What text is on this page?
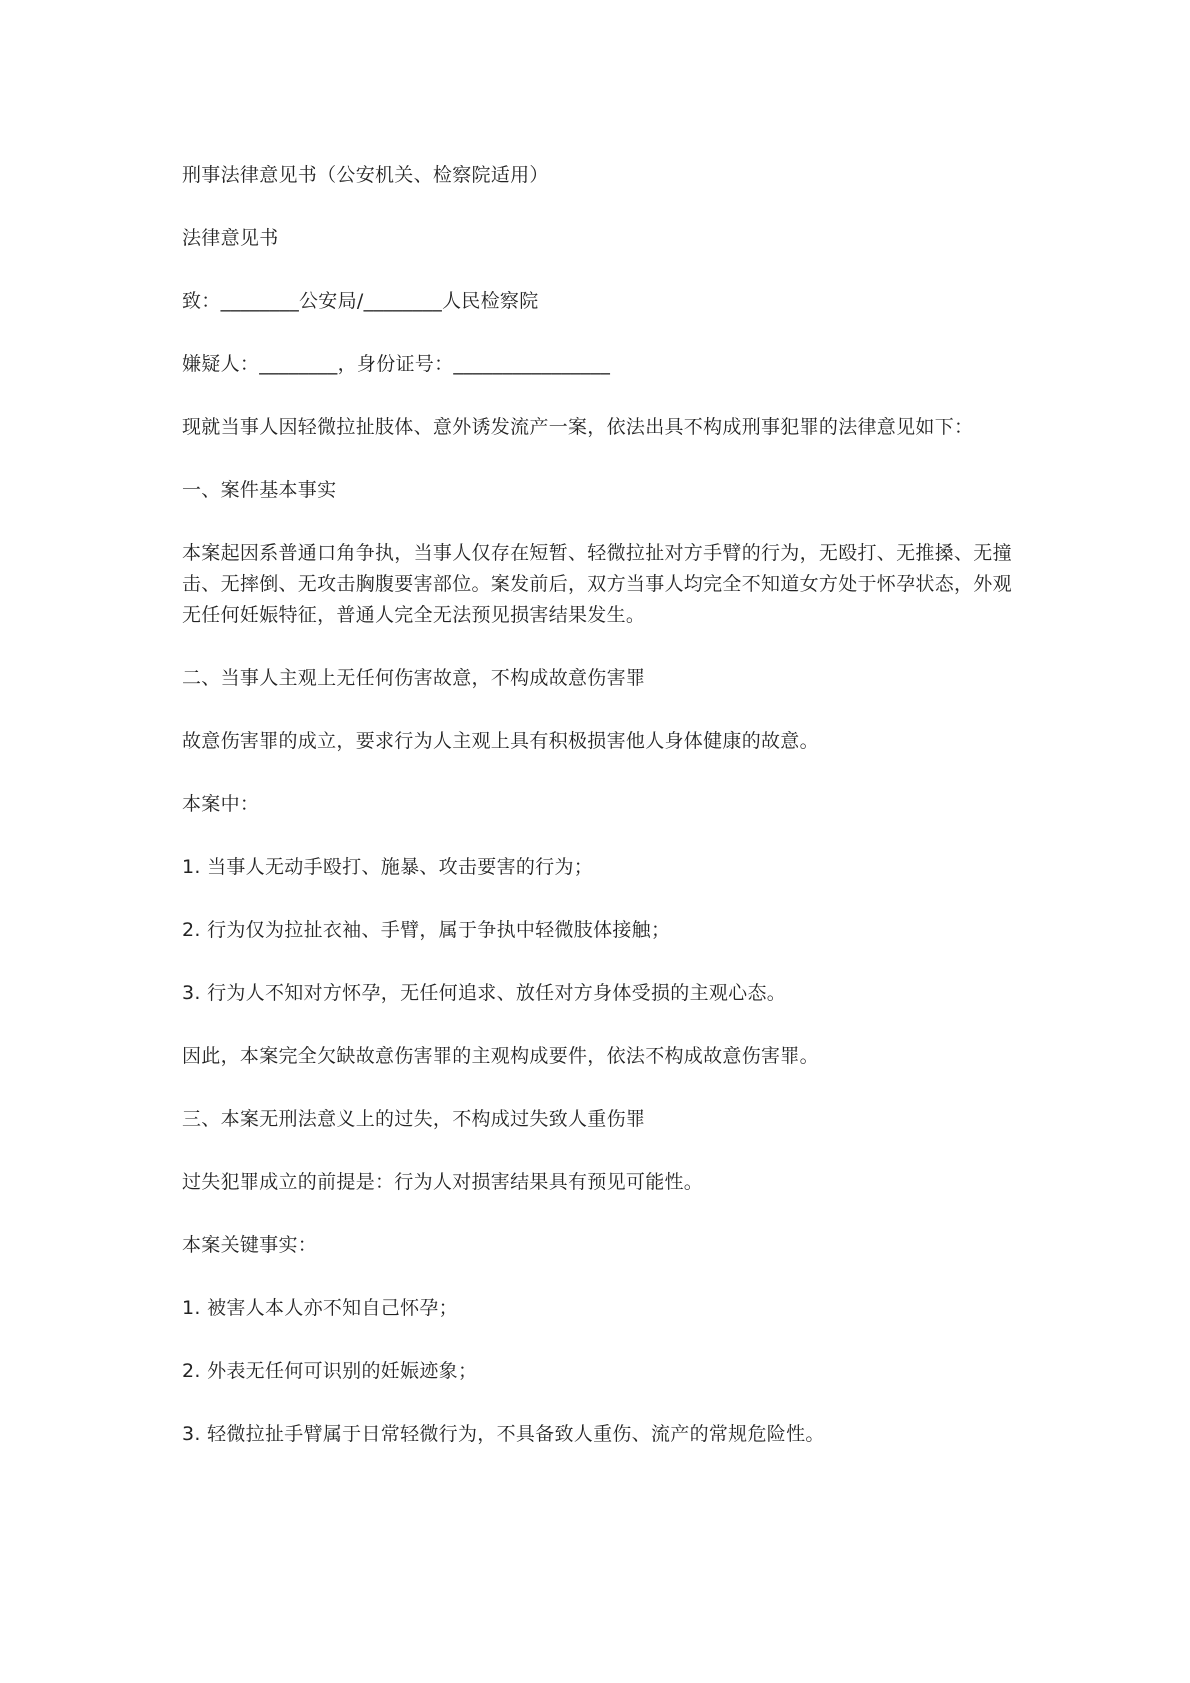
刑事法律意见书（公安机关、检察院适用）

法律意见书

致：________公安局/________人民检察院

嫌疑人：________，身份证号：________________

现就当事人因轻微拉扯肢体、意外诱发流产一案，依法出具不构成刑事犯罪的法律意见如下：

一、案件基本事实

本案起因系普通口角争执，当事人仅存在短暂、轻微拉扯对方手臂的行为，无殴打、无推搡、无撞击、无摔倒、无攻击胸腹要害部位。案发前后，双方当事人均完全不知道女方处于怀孕状态，外观无任何妊娠特征，普通人完全无法预见损害结果发生。

二、当事人主观上无任何伤害故意，不构成故意伤害罪

故意伤害罪的成立，要求行为人主观上具有积极损害他人身体健康的故意。

本案中：

1. 当事人无动手殴打、施暴、攻击要害的行为；

2. 行为仅为拉扯衣袖、手臂，属于争执中轻微肢体接触；

3. 行为人不知对方怀孕，无任何追求、放任对方身体受损的主观心态。

因此，本案完全欠缺故意伤害罪的主观构成要件，依法不构成故意伤害罪。

三、本案无刑法意义上的过失，不构成过失致人重伤罪

过失犯罪成立的前提是：行为人对损害结果具有预见可能性。

本案关键事实：

1. 被害人本人亦不知自己怀孕；

2. 外表无任何可识别的妊娠迹象；

3. 轻微拉扯手臂属于日常轻微行为，不具备致人重伤、流产的常规危险性。
